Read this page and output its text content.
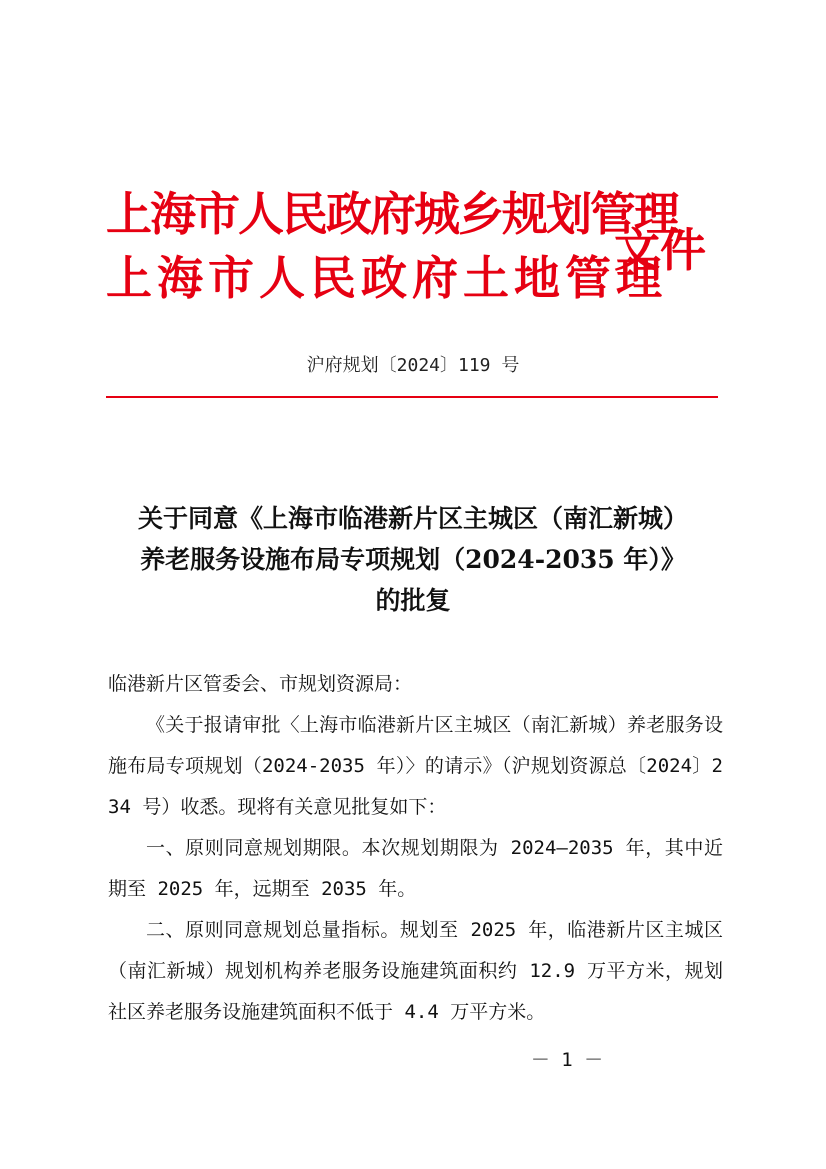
上海市人民政府城乡规划管理
上海市人民政府土地管理
文件
沪府规划〔2024〕119 号
关于同意《上海市临港新片区主城区（南汇新城）
养老服务设施布局专项规划（2024-2035 年）》
的批复

临港新片区管委会、市规划资源局：

《关于报请审批〈上海市临港新片区主城区（南汇新城）养老服务设施布局专项规划（2024-2035 年）〉的请示》（沪规划资源总〔2024〕234 号）收悉。现将有关意见批复如下：

一、原则同意规划期限。本次规划期限为 2024—2035 年，其中近期至 2025 年，远期至 2035 年。

二、原则同意规划总量指标。规划至 2025 年，临港新片区主城区（南汇新城）规划机构养老服务设施建筑面积约 12.9 万平方米，规划社区养老服务设施建筑面积不低于 4.4 万平方米。

－ 1 －
